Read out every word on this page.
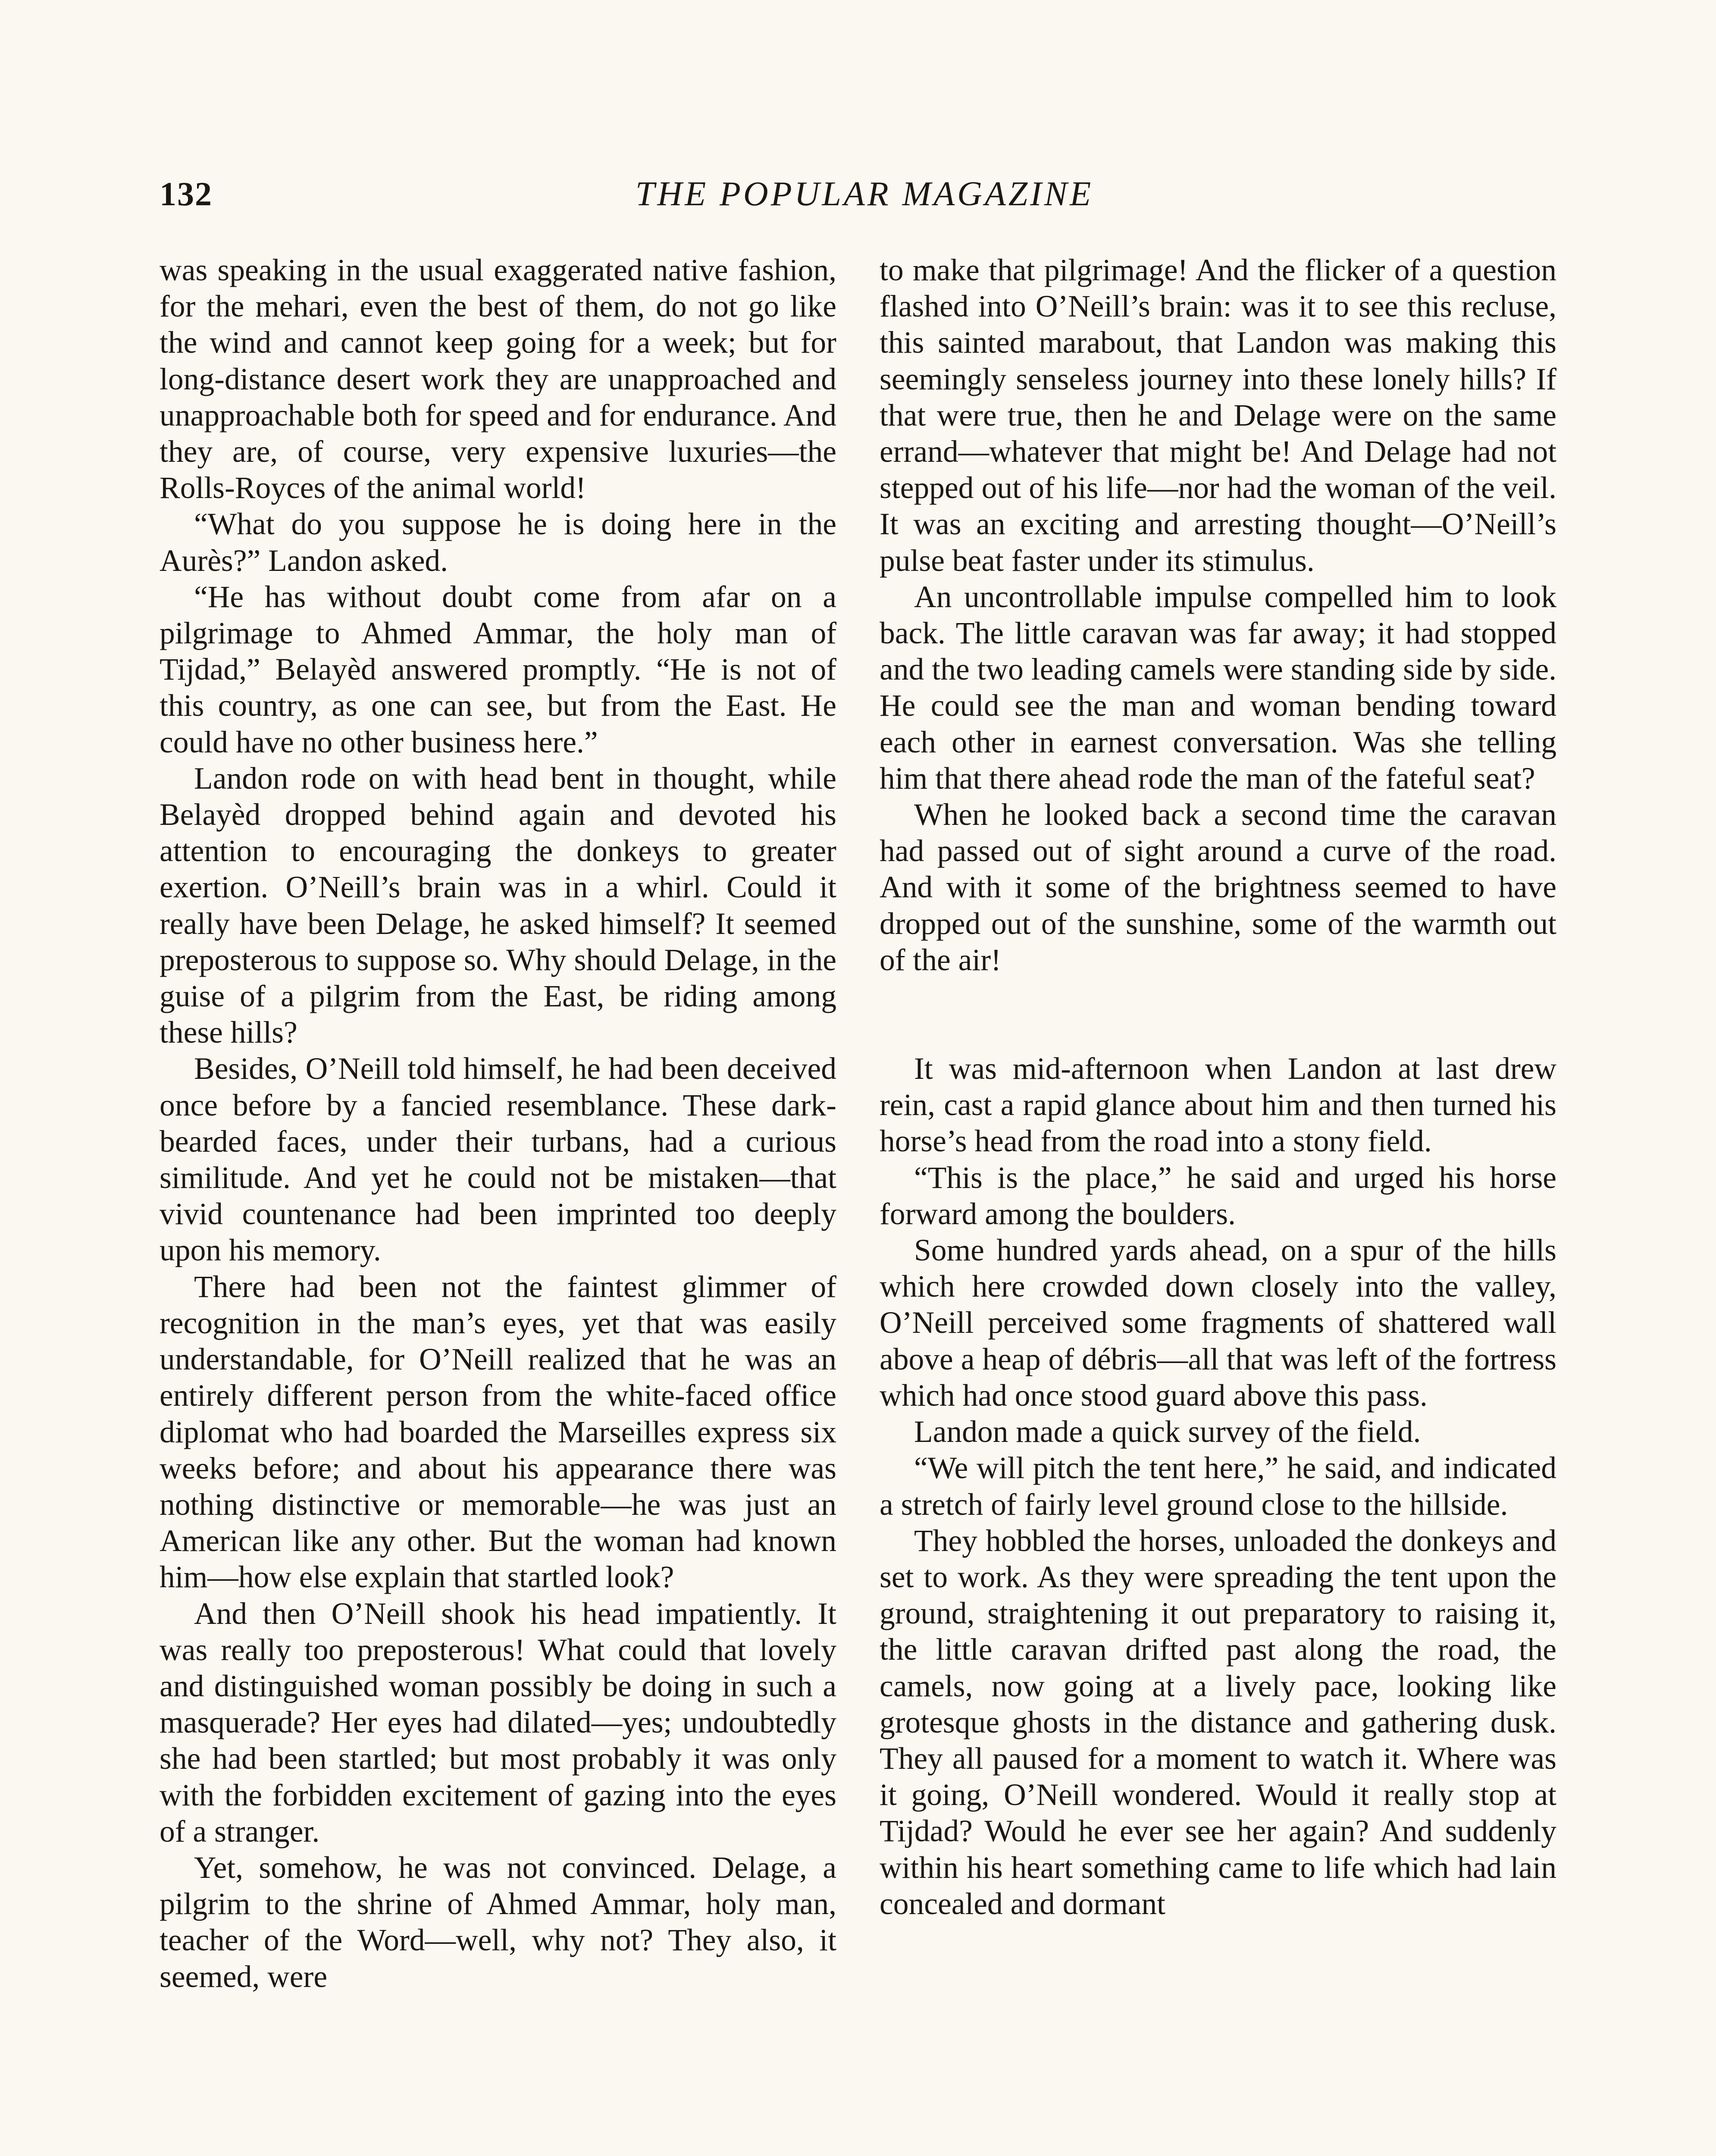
132	THE POPULAR MAGAZINE

was speaking in the usual exaggerated native fashion, for the mehari, even the best of them, do not go like the wind and cannot keep going for a week; but for long-distance desert work they are unapproached and unapproachable both for speed and for endurance. And they are, of course, very expensive luxuries—the Rolls-Royces of the animal world!

“What do you suppose he is doing here in the Aurès?” Landon asked.

“He has without doubt come from afar on a pilgrimage to Ahmed Ammar, the holy man of Tijdad,” Belayèd answered promptly. “He is not of this country, as one can see, but from the East. He could have no other business here.”

Landon rode on with head bent in thought, while Belayèd dropped behind again and devoted his attention to encouraging the donkeys to greater exertion. O’Neill’s brain was in a whirl. Could it really have been Delage, he asked himself? It seemed preposterous to suppose so. Why should Delage, in the guise of a pilgrim from the East, be riding among these hills?

Besides, O’Neill told himself, he had been deceived once before by a fancied resemblance. These dark-bearded faces, under their turbans, had a curious similitude. And yet he could not be mistaken—that vivid countenance had been imprinted too deeply upon his memory.

There had been not the faintest glimmer of recognition in the man’s eyes, yet that was easily understandable, for O’Neill realized that he was an entirely different person from the white-faced office diplomat who had boarded the Marseilles express six weeks before; and about his appearance there was nothing distinctive or memorable—he was just an American like any other. But the woman had known him—how else explain that startled look?

And then O’Neill shook his head impatiently. It was really too preposterous! What could that lovely and distinguished woman possibly be doing in such a masquerade? Her eyes had dilated—yes; undoubtedly she had been startled; but most probably it was only with the forbidden excitement of gazing into the eyes of a stranger.

Yet, somehow, he was not convinced. Delage, a pilgrim to the shrine of Ahmed Ammar, holy man, teacher of the Word—well, why not? They also, it seemed, were

to make that pilgrimage! And the flicker of a question flashed into O’Neill’s brain: was it to see this recluse, this sainted marabout, that Landon was making this seemingly senseless journey into these lonely hills? If that were true, then he and Delage were on the same errand—whatever that might be! And Delage had not stepped out of his life—nor had the woman of the veil. It was an exciting and arresting thought—O’Neill’s pulse beat faster under its stimulus.

An uncontrollable impulse compelled him to look back. The little caravan was far away; it had stopped and the two leading camels were standing side by side. He could see the man and woman bending toward each other in earnest conversation. Was she telling him that there ahead rode the man of the fateful seat?

When he looked back a second time the caravan had passed out of sight around a curve of the road. And with it some of the brightness seemed to have dropped out of the sunshine, some of the warmth out of the air!

It was mid-afternoon when Landon at last drew rein, cast a rapid glance about him and then turned his horse’s head from the road into a stony field.

“This is the place,” he said and urged his horse forward among the boulders.

Some hundred yards ahead, on a spur of the hills which here crowded down closely into the valley, O’Neill perceived some fragments of shattered wall above a heap of débris—all that was left of the fortress which had once stood guard above this pass.

Landon made a quick survey of the field.

“We will pitch the tent here,” he said, and indicated a stretch of fairly level ground close to the hillside.

They hobbled the horses, unloaded the donkeys and set to work. As they were spreading the tent upon the ground, straightening it out preparatory to raising it, the little caravan drifted past along the road, the camels, now going at a lively pace, looking like grotesque ghosts in the distance and gathering dusk. They all paused for a moment to watch it. Where was it going, O’Neill wondered. Would it really stop at Tijdad? Would he ever see her again? And suddenly within his heart something came to life which had lain concealed and dormant
